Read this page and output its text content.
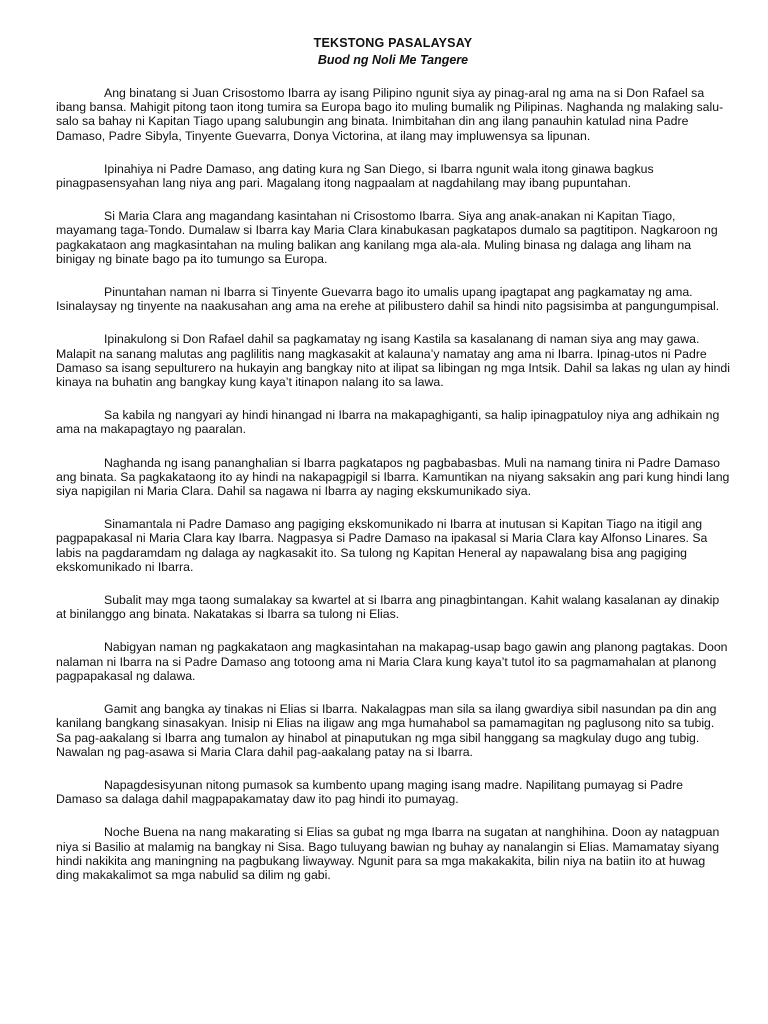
TEKSTONG PASALAYSAY
Buod ng Noli Me Tangere

Ang binatang si Juan Crisostomo Ibarra ay isang Pilipino ngunit siya ay pinag-aral ng ama na si Don Rafael sa ibang bansa. Mahigit pitong taon itong tumira sa Europa bago ito muling bumalik ng Pilipinas. Naghanda ng malaking salu-salo sa bahay ni Kapitan Tiago upang salubungin ang binata. Inimbitahan din ang ilang panauhin katulad nina Padre Damaso, Padre Sibyla, Tinyente Guevarra, Donya Victorina, at ilang may impluwensya sa lipunan.

Ipinahiya ni Padre Damaso, ang dating kura ng San Diego, si Ibarra ngunit wala itong ginawa bagkus pinagpasensyahan lang niya ang pari. Magalang itong nagpaalam at nagdahilang may ibang pupuntahan.

Si Maria Clara ang magandang kasintahan ni Crisostomo Ibarra. Siya ang anak-anakan ni Kapitan Tiago, mayamang taga-Tondo. Dumalaw si Ibarra kay Maria Clara kinabukasan pagkatapos dumalo sa pagtitipon. Nagkaroon ng pagkakataon ang magkasintahan na muling balikan ang kanilang mga ala-ala. Muling binasa ng dalaga ang liham na binigay ng binate bago pa ito tumungo sa Europa.

Pinuntahan naman ni Ibarra si Tinyente Guevarra bago ito umalis upang ipagtapat ang pagkamatay ng ama. Isinalaysay ng tinyente na naakusahan ang ama na erehe at pilibustero dahil sa hindi nito pagsisimba at pangungumpisal.

Ipinakulong si Don Rafael dahil sa pagkamatay ng isang Kastila sa kasalanang di naman siya ang may gawa. Malapit na sanang malutas ang paglilitis nang magkasakit at kalauna’y namatay ang ama ni Ibarra. Ipinag-utos ni Padre Damaso sa isang sepulturero na hukayin ang bangkay nito at ilipat sa libingan ng mga Intsik. Dahil sa lakas ng ulan ay hindi kinaya na buhatin ang bangkay kung kaya’t itinapon nalang ito sa lawa.

Sa kabila ng nangyari ay hindi hinangad ni Ibarra na makapaghiganti, sa halip ipinagpatuloy niya ang adhikain ng ama na makapagtayo ng paaralan.

Naghanda ng isang pananghalian si Ibarra pagkatapos ng pagbabasbas. Muli na namang tinira ni Padre Damaso ang binata. Sa pagkakataong ito ay hindi na nakapagpigil si Ibarra. Kamuntikan na niyang saksakin ang pari kung hindi lang siya napigilan ni Maria Clara. Dahil sa nagawa ni Ibarra ay naging ekskumunikado siya.

Sinamantala ni Padre Damaso ang pagiging ekskomunikado ni Ibarra at inutusan si Kapitan Tiago na itigil ang pagpapakasal ni Maria Clara kay Ibarra. Nagpasya si Padre Damaso na ipakasal si Maria Clara kay Alfonso Linares. Sa labis na pagdaramdam ng dalaga ay nagkasakit ito. Sa tulong ng Kapitan Heneral ay napawalang bisa ang pagiging ekskomunikado ni Ibarra.

Subalit may mga taong sumalakay sa kwartel at si Ibarra ang pinagbintangan. Kahit walang kasalanan ay dinakip at binilanggo ang binata. Nakatakas si Ibarra sa tulong ni Elias.

Nabigyan naman ng pagkakataon ang magkasintahan na makapag-usap bago gawin ang planong pagtakas. Doon nalaman ni Ibarra na si Padre Damaso ang totoong ama ni Maria Clara kung kaya’t tutol ito sa pagmamahalan at planong pagpapakasal ng dalawa.

Gamit ang bangka ay tinakas ni Elias si Ibarra. Nakalagpas man sila sa ilang gwardiya sibil nasundan pa din ang kanilang bangkang sinasakyan. Inisip ni Elias na iligaw ang mga humahabol sa pamamagitan ng paglusong nito sa tubig. Sa pag-aakalang si Ibarra ang tumalon ay hinabol at pinaputukan ng mga sibil hanggang sa magkulay dugo ang tubig. Nawalan ng pag-asawa si Maria Clara dahil pag-aakalang patay na si Ibarra.

Napagdesisyunan nitong pumasok sa kumbento upang maging isang madre. Napilitang pumayag si Padre Damaso sa dalaga dahil magpapakamatay daw ito pag hindi ito pumayag.

Noche Buena na nang makarating si Elias sa gubat ng mga Ibarra na sugatan at nanghihina. Doon ay natagpuan niya si Basilio at malamig na bangkay ni Sisa. Bago tuluyang bawian ng buhay ay nanalangin si Elias. Mamamatay siyang hindi nakikita ang maningning na pagbukang liwayway. Ngunit para sa mga makakakita, bilin niya na batiin ito at huwag ding makakalimot sa mga nabulid sa dilim ng gabi.
